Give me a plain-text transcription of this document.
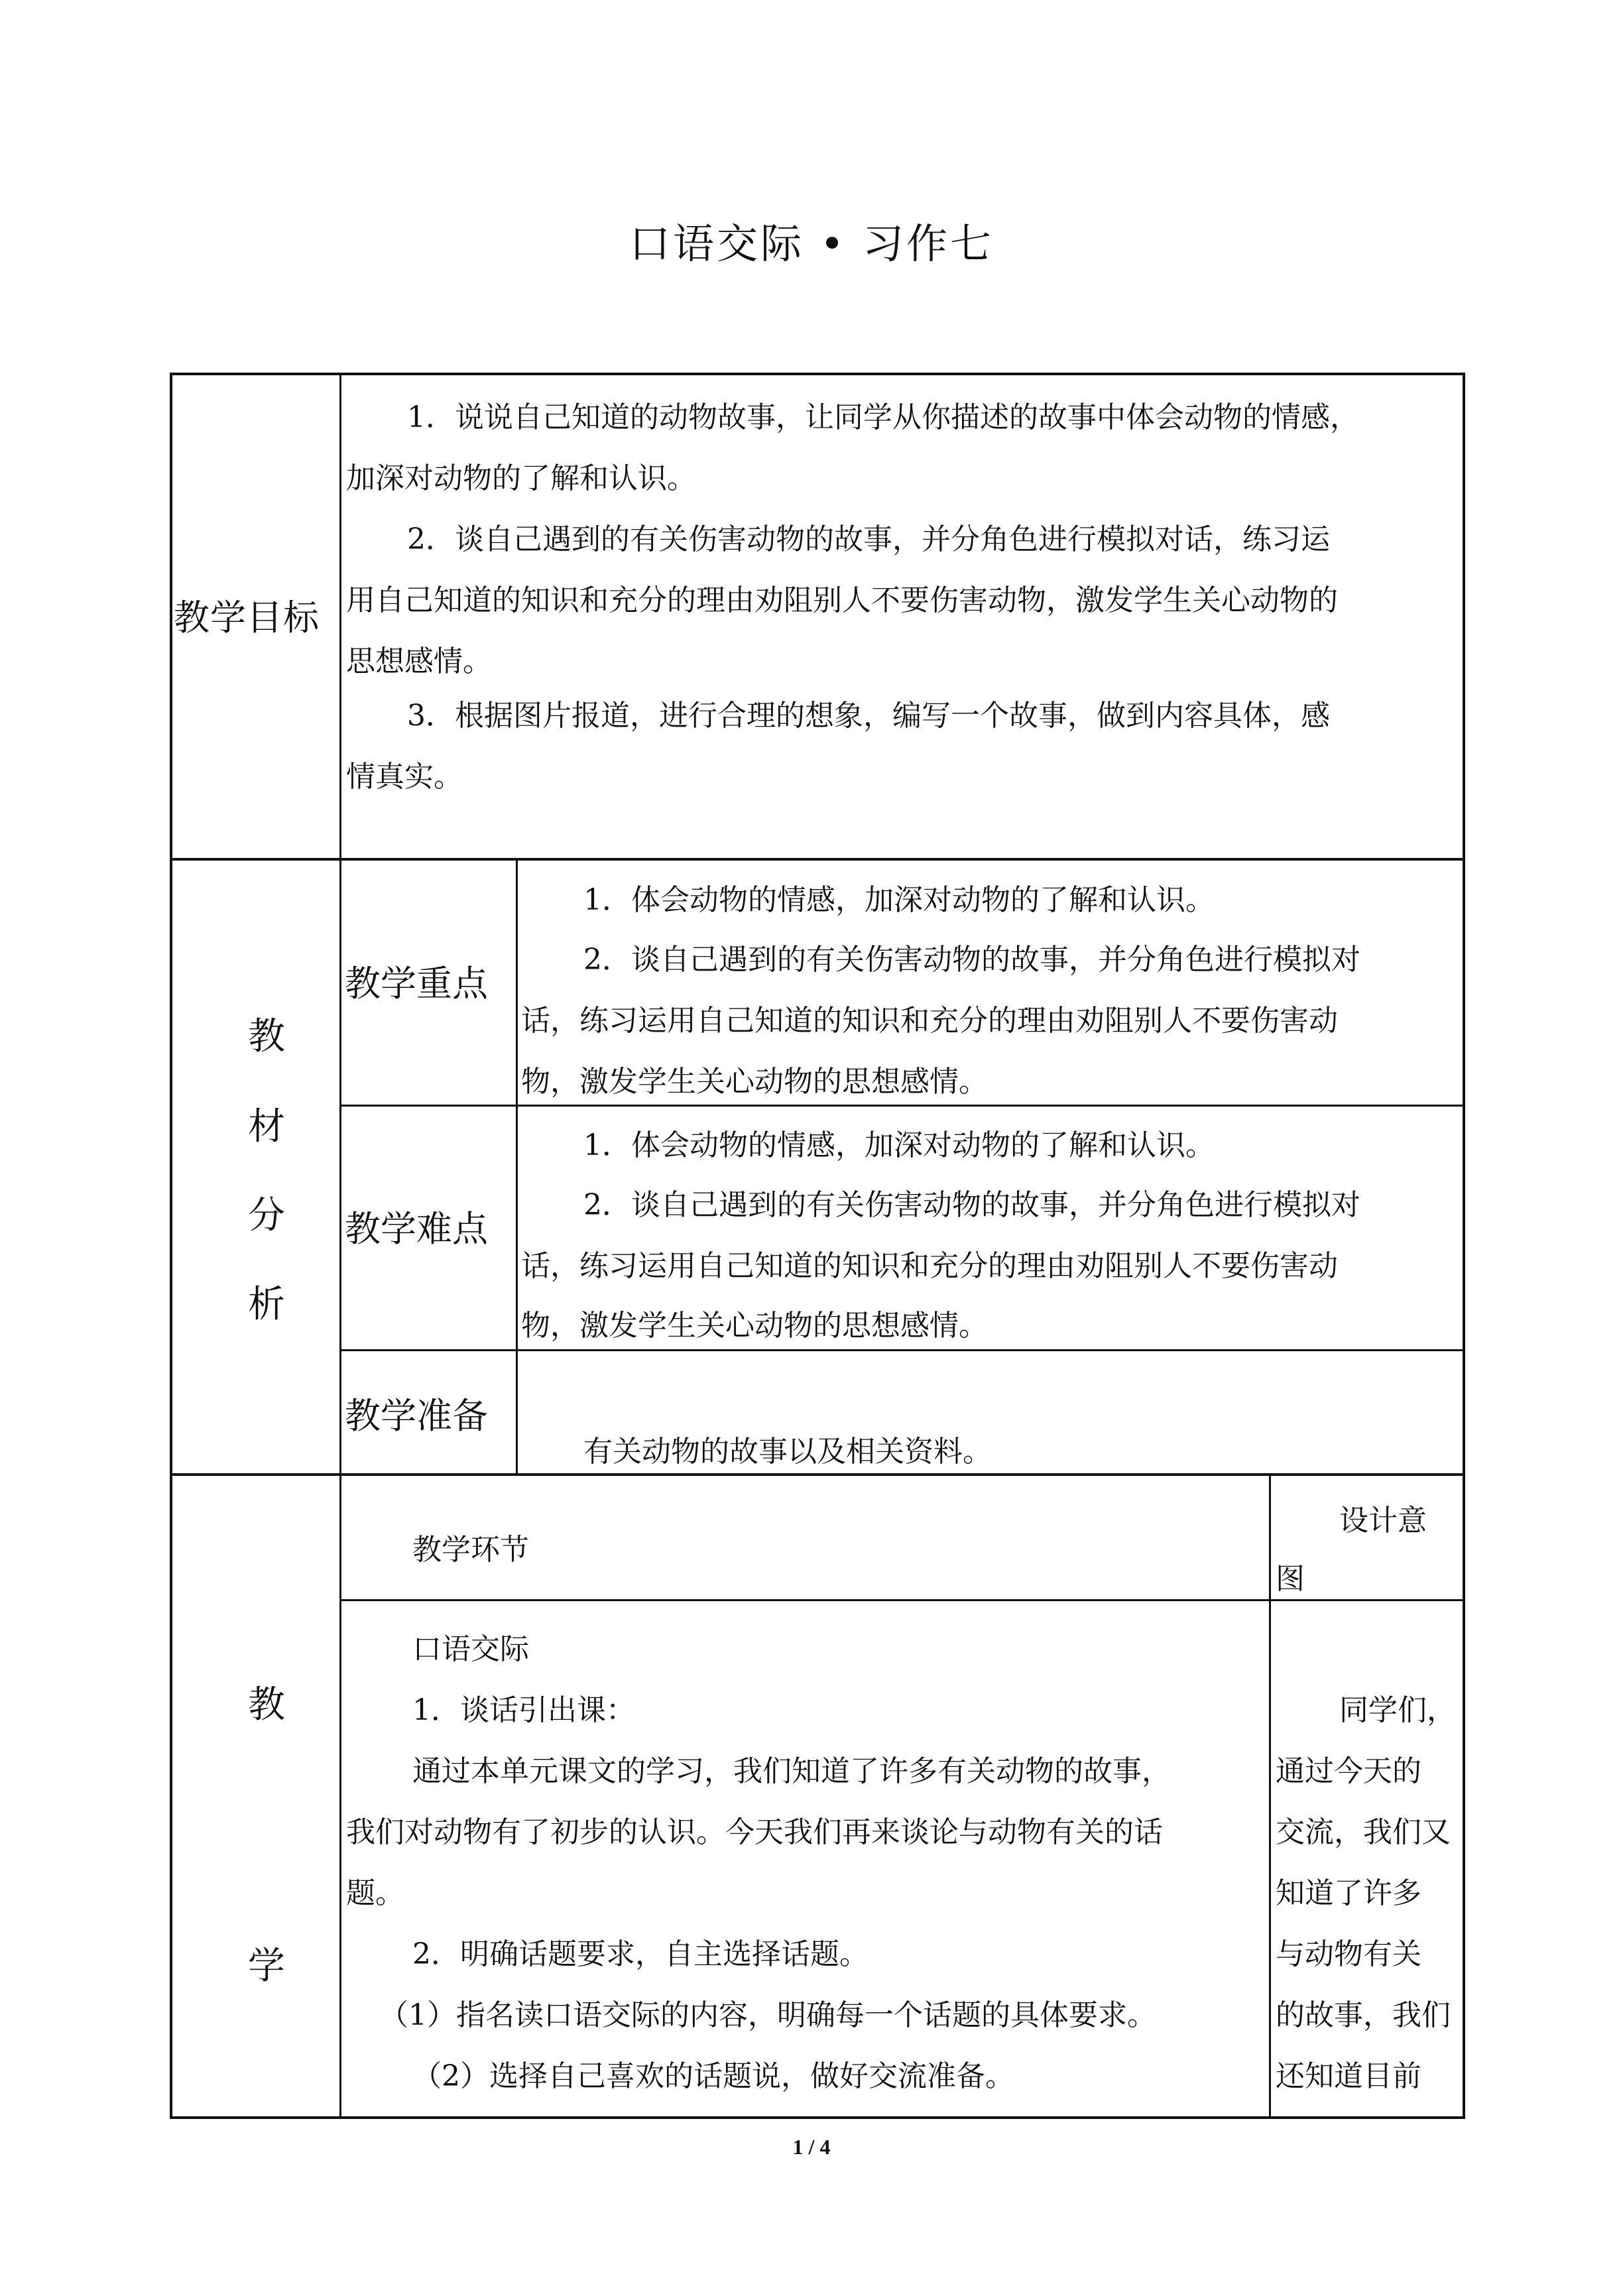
口语交际 • 习作七
教学目标
1．说说自己知道的动物故事，让同学从你描述的故事中体会动物的情感，
加深对动物的了解和认识。
2．谈自己遇到的有关伤害动物的故事，并分角色进行模拟对话，练习运
用自己知道的知识和充分的理由劝阻别人不要伤害动物，激发学生关心动物的
思想感情。
3．根据图片报道，进行合理的想象，编写一个故事，做到内容具体，感
情真实。
教
材
分
析
教学重点
1．体会动物的情感，加深对动物的了解和认识。
2．谈自己遇到的有关伤害动物的故事，并分角色进行模拟对
话，练习运用自己知道的知识和充分的理由劝阻别人不要伤害动
物，激发学生关心动物的思想感情。
教学难点
1．体会动物的情感，加深对动物的了解和认识。
2．谈自己遇到的有关伤害动物的故事，并分角色进行模拟对
话，练习运用自己知道的知识和充分的理由劝阻别人不要伤害动
物，激发学生关心动物的思想感情。
教学准备
有关动物的故事以及相关资料。
教
学
教学环节
设计意
图
口语交际
1．谈话引出课：
通过本单元课文的学习，我们知道了许多有关动物的故事，
我们对动物有了初步的认识。今天我们再来谈论与动物有关的话
同学们，
通过今天的
交流，我们又
1 / 4
题。
2．明确话题要求，自主选择话题。
（1）指名读口语交际的内容，明确每一个话题的具体要求。
（2）选择自己喜欢的话题说，做好交流准备。
知道了许多
与动物有关
的故事，我们
还知道目前
